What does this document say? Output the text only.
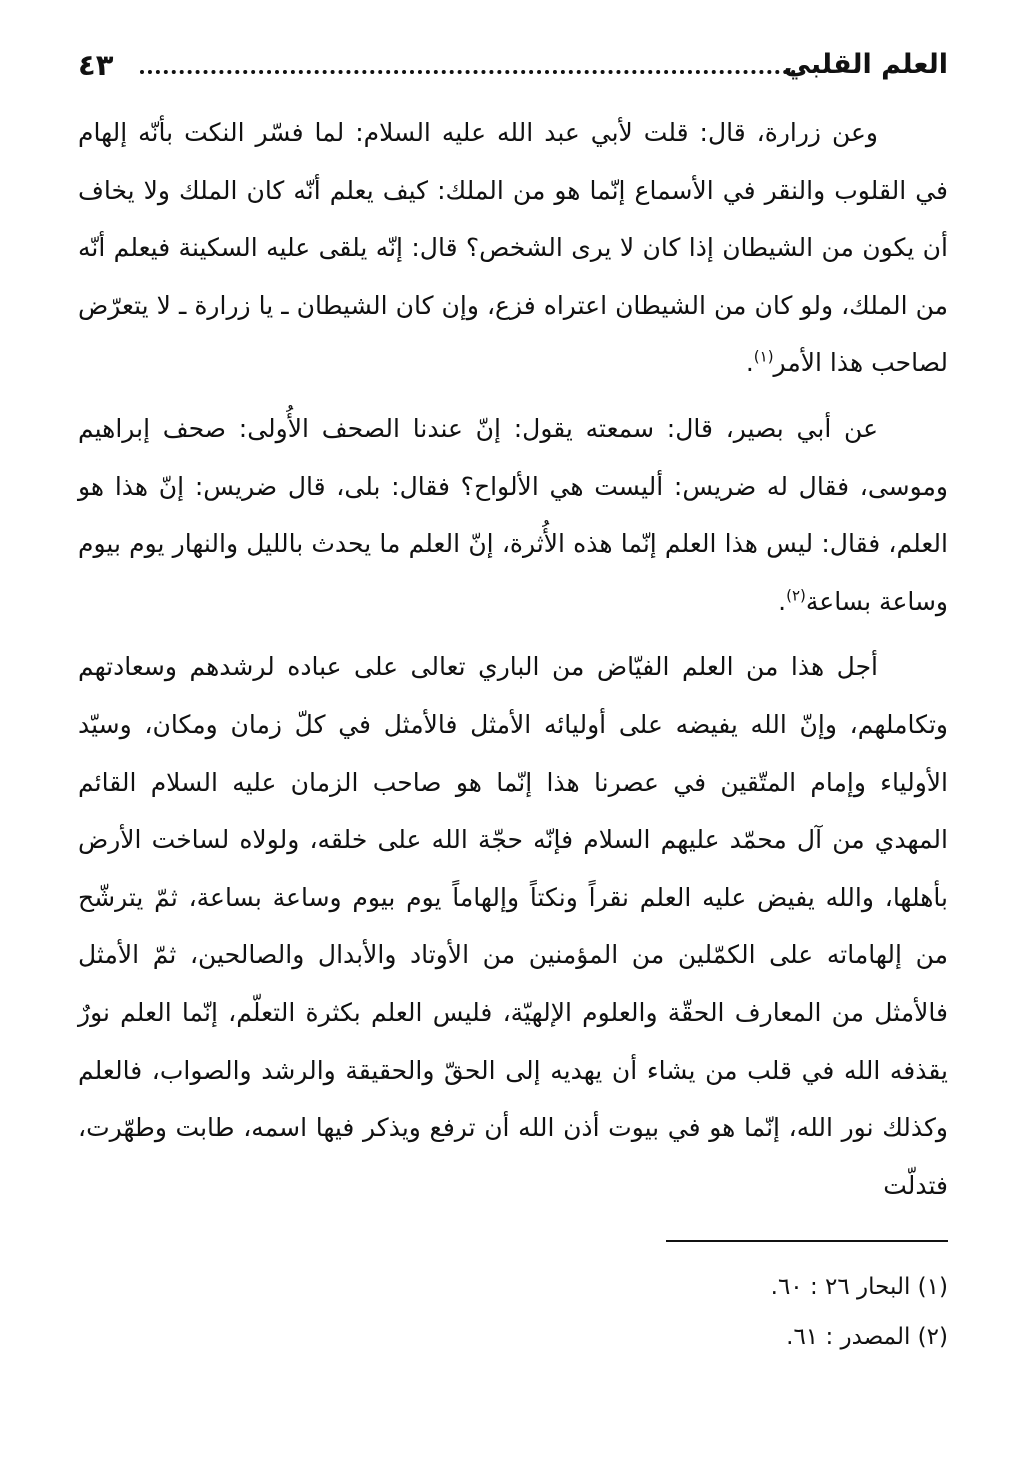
العلم القلبي
٤٣

وعن زرارة، قال: قلت لأبي عبد الله عليه السلام: لما فسّر النكت بأنّه إلهام في القلوب والنقر في الأسماع إنّما هو من الملك: كيف يعلم أنّه كان الملك ولا يخاف أن يكون من الشيطان إذا كان لا يرى الشخص؟ قال: إنّه يلقى عليه السكينة فيعلم أنّه من الملك، ولو كان من الشيطان اعتراه فزع، وإن كان الشيطان ـ يا زرارة ـ لا يتعرّض لصاحب هذا الأمر$^{(١)}$.

عن أبي بصير، قال: سمعته يقول: إنّ عندنا الصحف الأُولى: صحف إبراهيم وموسى، فقال له ضريس: أليست هي الألواح؟ فقال: بلى، قال ضريس: إنّ هذا هو العلم، فقال: ليس هذا العلم إنّما هذه الأُثرة، إنّ العلم ما يحدث بالليل والنهار يوم بيوم وساعة بساعة$^{(٢)}$.

أجل هذا من العلم الفيّاض من الباري تعالى على عباده لرشدهم وسعادتهم وتكاملهم، وإنّ الله يفيضه على أوليائه الأمثل فالأمثل في كلّ زمان ومكان، وسيّد الأولياء وإمام المتّقين في عصرنا هذا إنّما هو صاحب الزمان عليه السلام القائم المهدي من آل محمّد عليهم السلام فإنّه حجّة الله على خلقه، ولولاه لساخت الأرض بأهلها، والله يفيض عليه العلم نقراً ونكتاً وإلهاماً يوم بيوم وساعة بساعة، ثمّ يترشّح من إلهاماته على الكمّلين من المؤمنين من الأوتاد والأبدال والصالحين، ثمّ الأمثل فالأمثل من المعارف الحقّة والعلوم الإلهيّة، فليس العلم بكثرة التعلّم، إنّما العلم نورٌ يقذفه الله في قلب من يشاء أن يهديه إلى الحقّ والحقيقة والرشد والصواب، فالعلم وكذلك نور الله، إنّما هو في بيوت أذن الله أن ترفع ويذكر فيها اسمه، طابت وطهّرت، فتدلّت

(١) البحار ٢٦ : ٦٠.

(٢) المصدر : ٦١.
